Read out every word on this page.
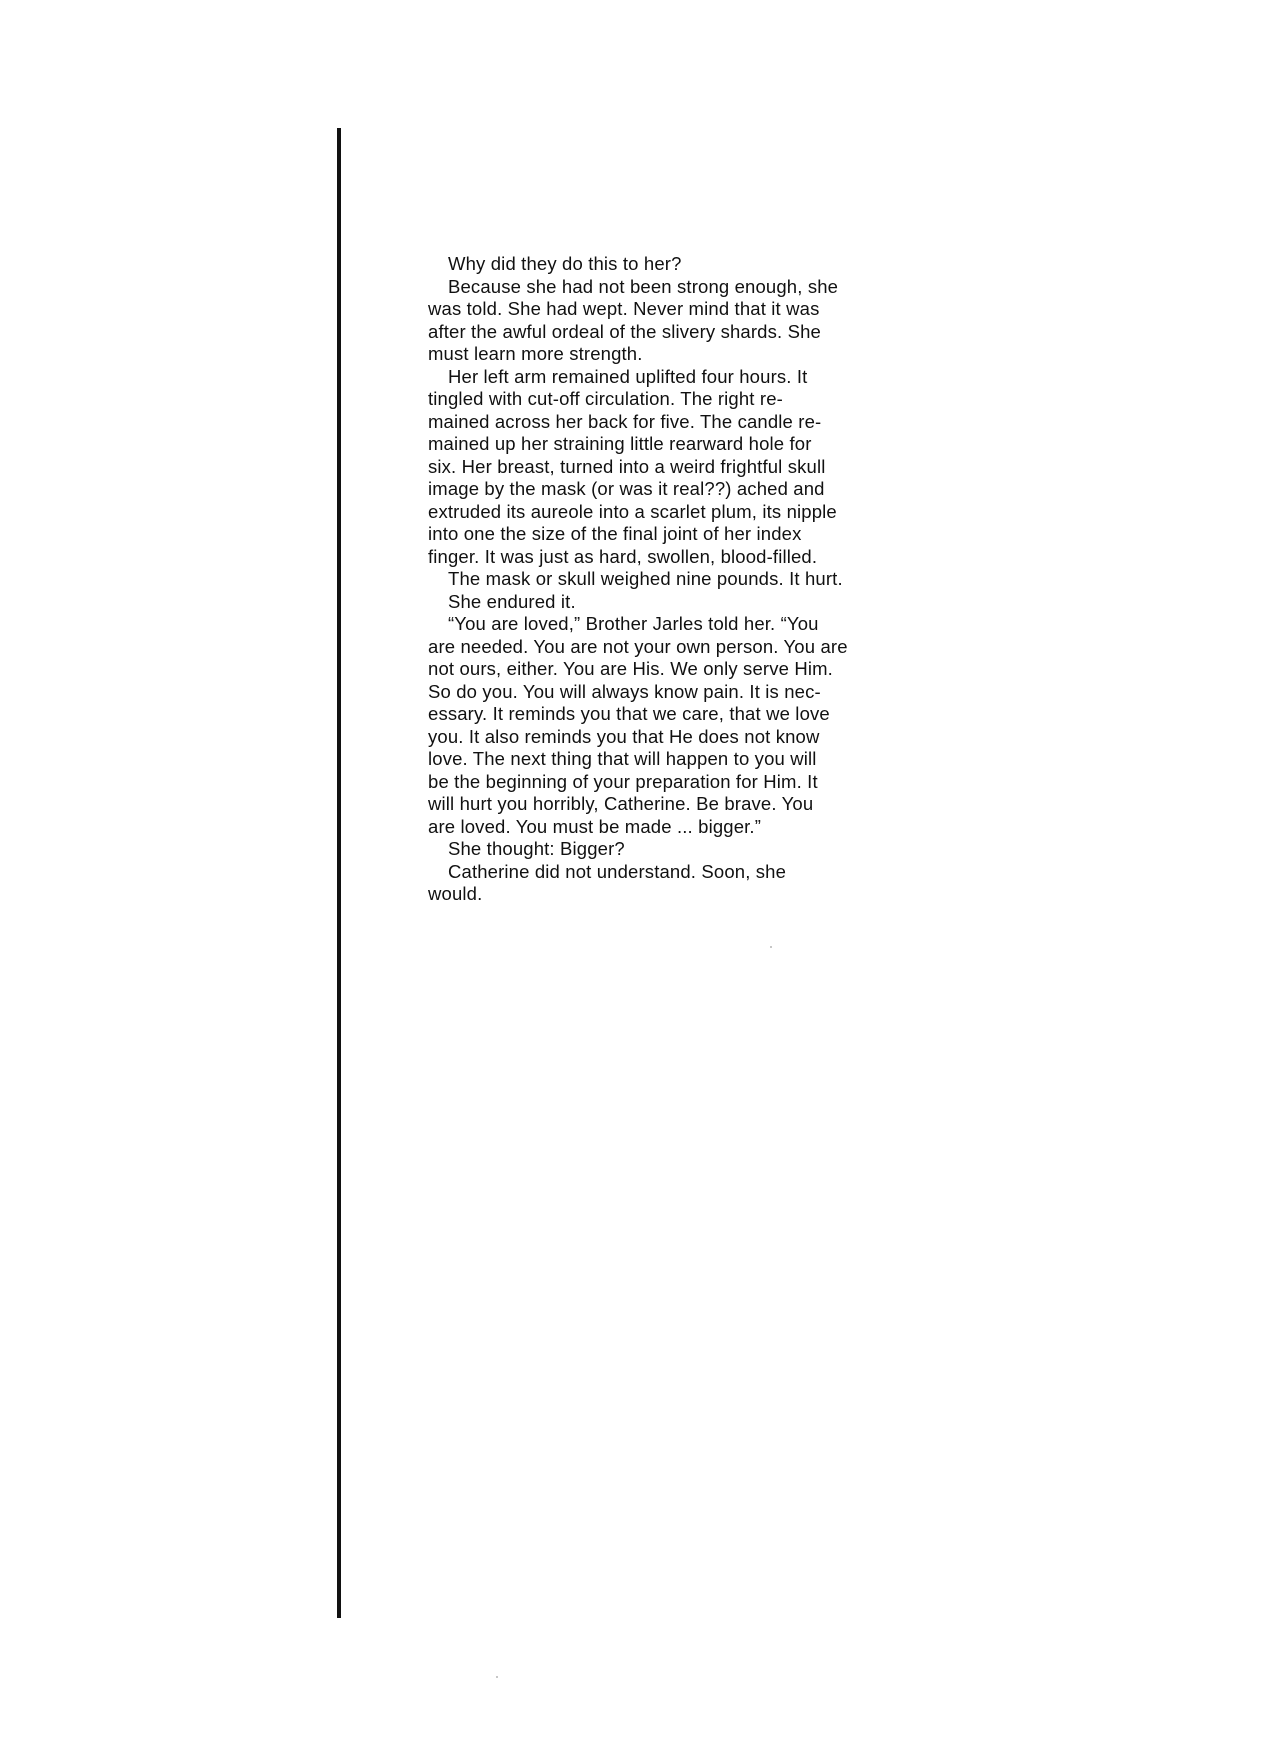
Why did they do this to her?
Because she had not been strong enough, she
was told. She had wept. Never mind that it was
after the awful ordeal of the slivery shards. She
must learn more strength.
Her left arm remained uplifted four hours. It
tingled with cut-off circulation. The right re-
mained across her back for five. The candle re-
mained up her straining little rearward hole for
six. Her breast, turned into a weird frightful skull
image by the mask (or was it real??) ached and
extruded its aureole into a scarlet plum, its nipple
into one the size of the final joint of her index
finger. It was just as hard, swollen, blood-filled.
The mask or skull weighed nine pounds. It hurt.
She endured it.
“You are loved,” Brother Jarles told her. “You
are needed. You are not your own person. You are
not ours, either. You are His. We only serve Him.
So do you. You will always know pain. It is nec-
essary. It reminds you that we care, that we love
you. It also reminds you that He does not know
love. The next thing that will happen to you will
be the beginning of your preparation for Him. It
will hurt you horribly, Catherine. Be brave. You
are loved. You must be made ... bigger.”
She thought: Bigger?
Catherine did not understand. Soon, she
would.
